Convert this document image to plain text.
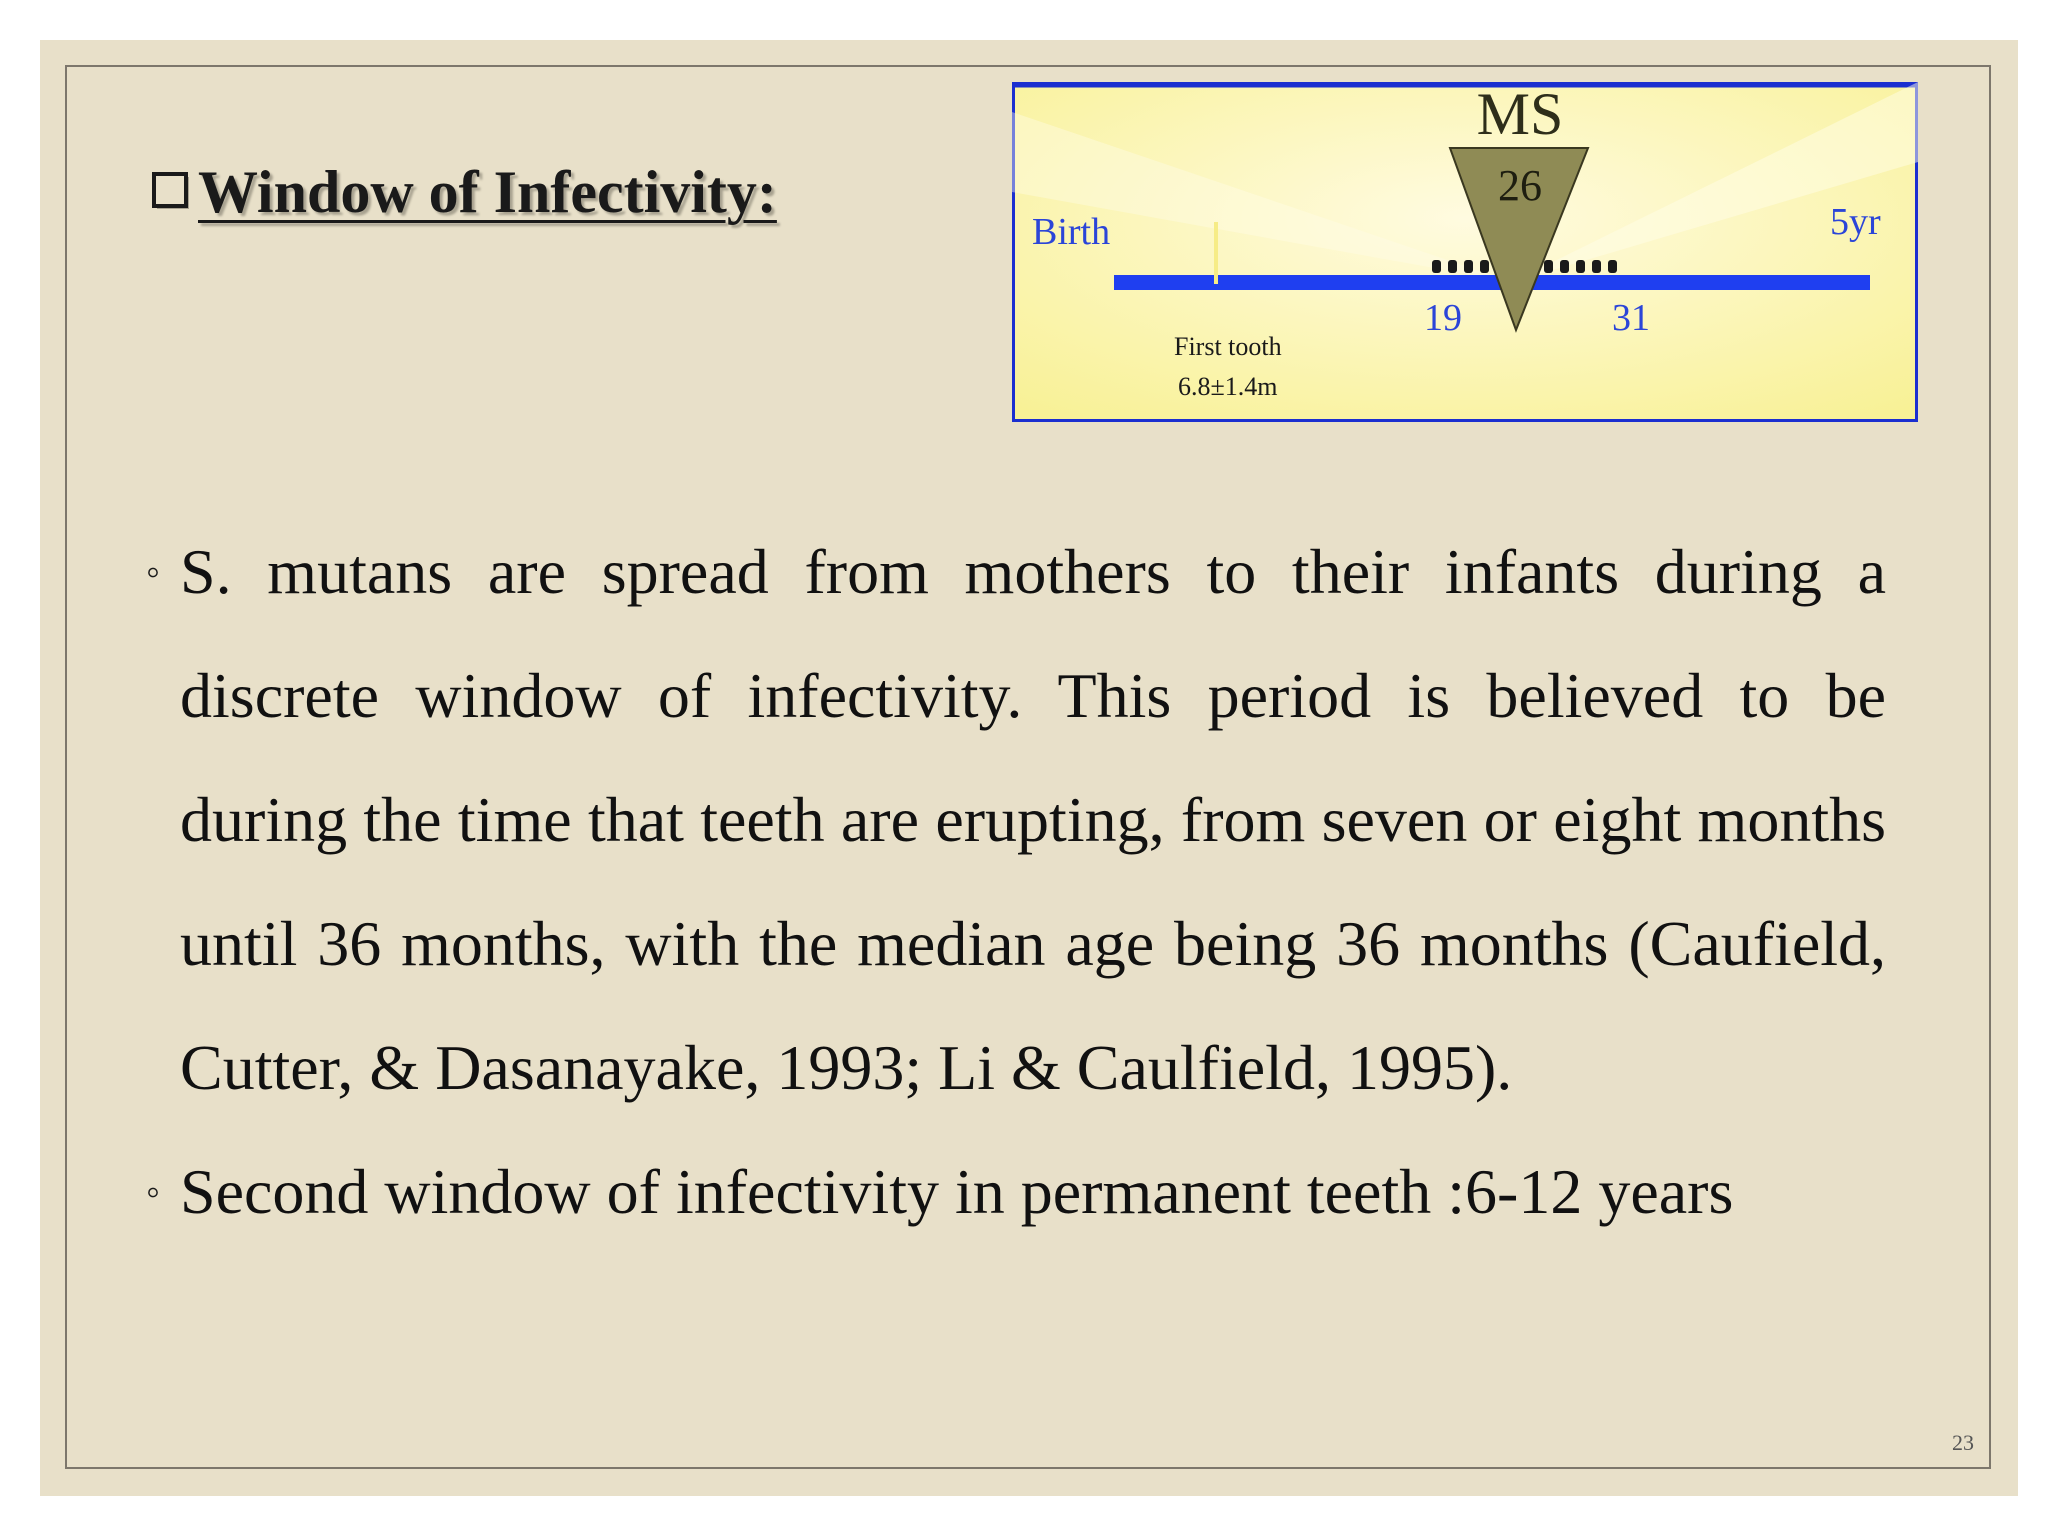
Window of Infectivity:
MS
26
Birth	5yr
19	31
First tooth
6.8±1.4m
◦ S. mutans are spread from mothers to their infants during a discrete window of infectivity. This period is believed to be during the time that teeth are erupting, from seven or eight months until 36 months, with the median age being 36 months (Caufield, Cutter, & Dasanayake, 1993; Li & Caulfield, 1995).
◦ Second window of infectivity in permanent teeth :6-12 years
23
